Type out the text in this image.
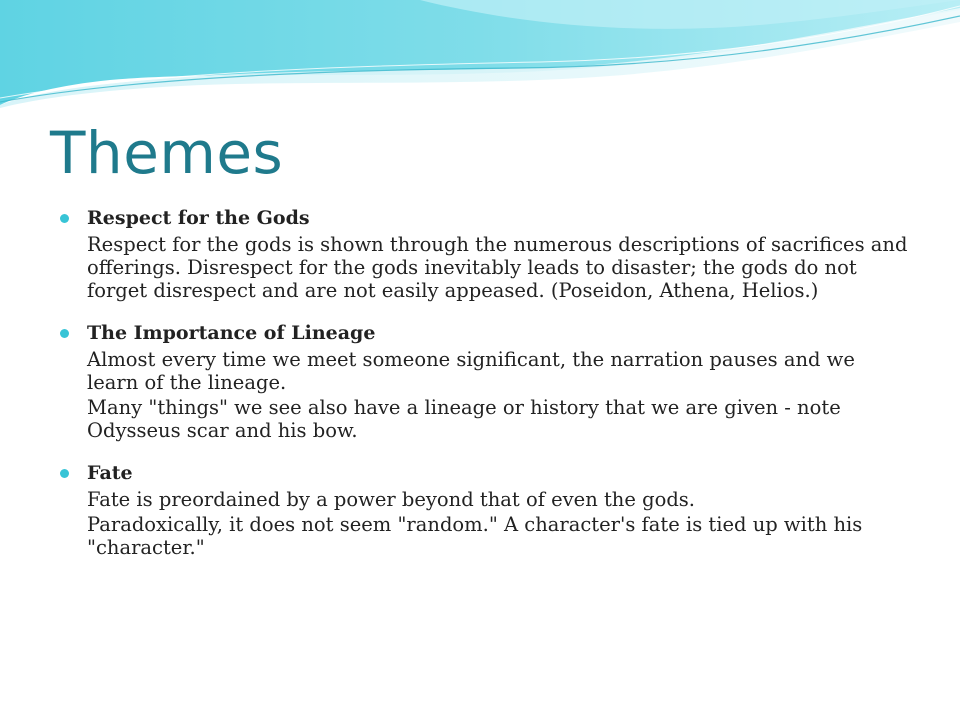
Themes
Respect for the Gods

Respect for the gods is shown through the numerous descriptions of sacrifices and offerings. Disrespect for the gods inevitably leads to disaster; the gods do not forget disrespect and are not easily appeased. (Poseidon, Athena, Helios.)

The Importance of Lineage

Almost every time we meet someone significant, the narration pauses and we learn of the lineage.

Many "things" we see also have a lineage or history that we are given - note Odysseus scar and his bow.

Fate

Fate is preordained by a power beyond that of even the gods.

Paradoxically, it does not seem "random." A character's fate is tied up with his "character."
